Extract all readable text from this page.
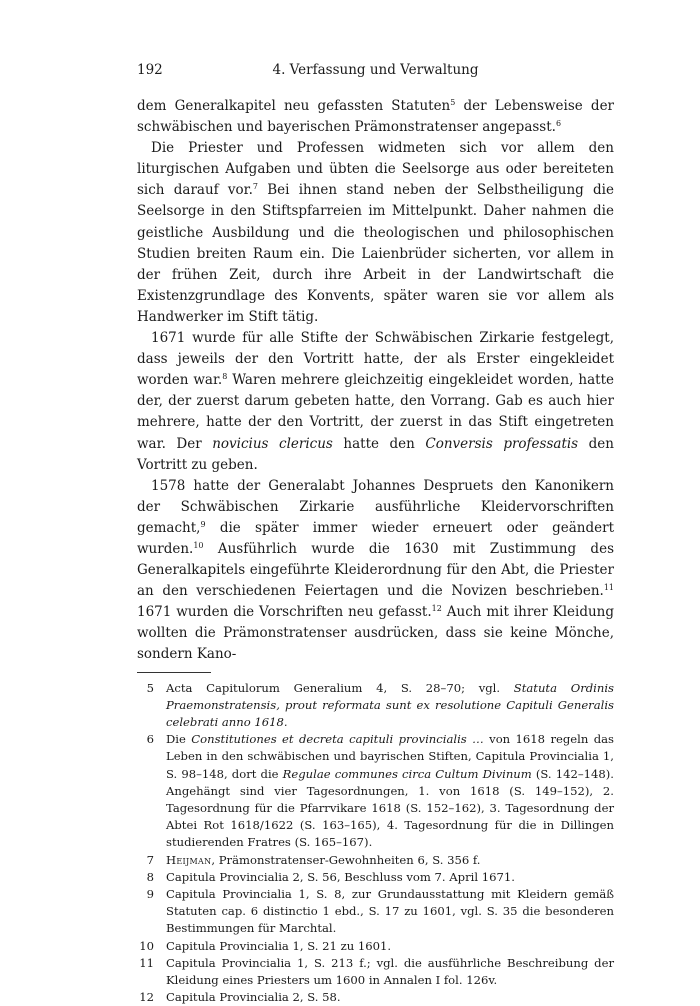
192	4. Verfassung und Verwaltung

dem Generalkapitel neu gefassten Statuten$^5$ der Lebensweise der schwäbischen und bayerischen Prämonstratenser angepasst.$^6$

Die Priester und Professen widmeten sich vor allem den liturgischen Aufgaben und übten die Seelsorge aus oder bereiteten sich darauf vor.$^7$ Bei ihnen stand neben der Selbstheiligung die Seelsorge in den Stiftspfarreien im Mittelpunkt. Daher nahmen die geistliche Ausbildung und die theologischen und philosophischen Studien breiten Raum ein. Die Laienbrüder sicherten, vor allem in der frühen Zeit, durch ihre Arbeit in der Landwirtschaft die Existenzgrundlage des Konvents, später waren sie vor allem als Handwerker im Stift tätig.

1671 wurde für alle Stifte der Schwäbischen Zirkarie festgelegt, dass jeweils der den Vortritt hatte, der als Erster eingekleidet worden war.$^8$ Waren mehrere gleichzeitig eingekleidet worden, hatte der, der zuerst darum gebeten hatte, den Vorrang. Gab es auch hier mehrere, hatte der den Vortritt, der zuerst in das Stift eingetreten war. Der novicius clericus hatte den Conversis professatis den Vortritt zu geben.

1578 hatte der Generalabt Johannes Despruets den Kanonikern der Schwäbischen Zirkarie ausführliche Kleidervorschriften gemacht,$^9$ die später immer wieder erneuert oder geändert wurden.$^{10}$ Ausführlich wurde die 1630 mit Zustimmung des Generalkapitels eingeführte Kleiderordnung für den Abt, die Priester an den verschiedenen Feiertagen und die Novizen beschrieben.$^{11}$ 1671 wurden die Vorschriften neu gefasst.$^{12}$ Auch mit ihrer Kleidung wollten die Prämonstratenser ausdrücken, dass sie keine Mönche, sondern Kano-

5 Acta Capitulorum Generalium 4, S. 28–70; vgl. Statuta Ordinis Praemonstratensis, prout reformata sunt ex resolutione Capituli Generalis celebrati anno 1618.
6 Die Constitutiones et decreta capituli provincialis … von 1618 regeln das Leben in den schwäbischen und bayrischen Stiften, Capitula Provincialia 1, S. 98–148, dort die Regulae communes circa Cultum Divinum (S. 142–148). Angehängt sind vier Tagesordnungen, 1. von 1618 (S. 149–152), 2. Tagesordnung für die Pfarrvikare 1618 (S. 152–162), 3. Tagesordnung der Abtei Rot 1618/1622 (S. 163–165), 4. Tagesordnung für die in Dillingen studierenden Fratres (S. 165–167).
7 Heijman, Prämonstratenser-Gewohnheiten 6, S. 356 f.
8 Capitula Provincialia 2, S. 56, Beschluss vom 7. April 1671.
9 Capitula Provincialia 1, S. 8, zur Grundausstattung mit Kleidern gemäß Statuten cap. 6 distinctio 1 ebd., S. 17 zu 1601, vgl. S. 35 die besonderen Bestimmungen für Marchtal.
10 Capitula Provincialia 1, S. 21 zu 1601.
11 Capitula Provincialia 1, S. 213 f.; vgl. die ausführliche Beschreibung der Kleidung eines Priesters um 1600 in Annalen I fol. 126v.
12 Capitula Provincialia 2, S. 58.
